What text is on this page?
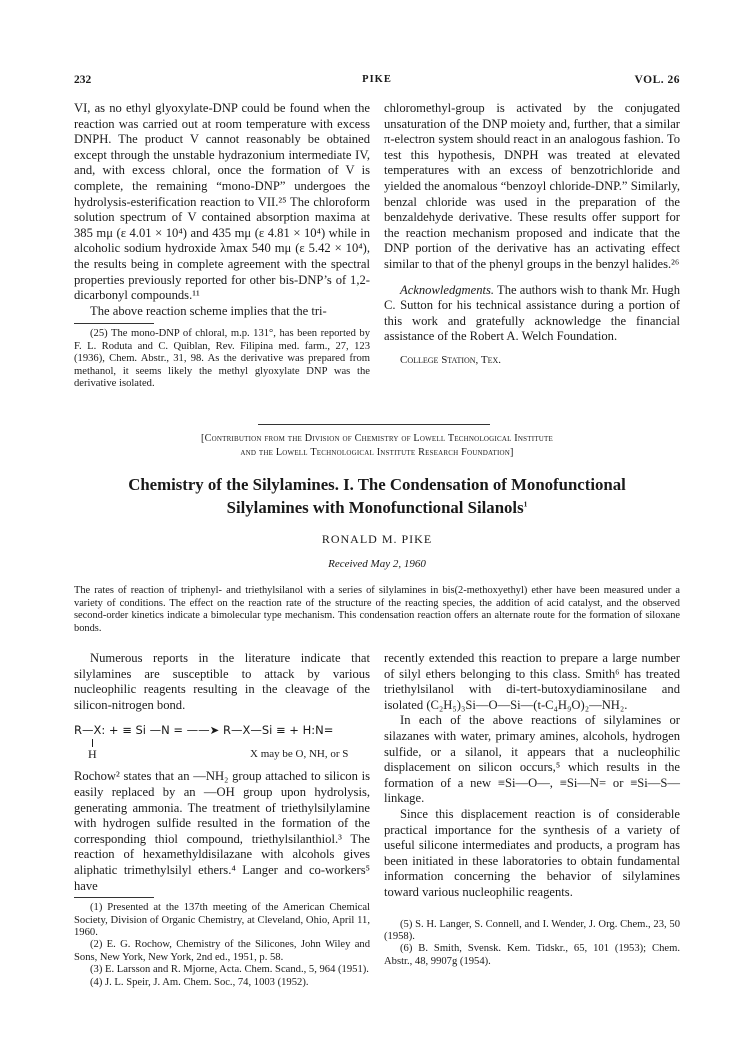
232	PIKE	VOL. 26

VI, as no ethyl glyoxylate-DNP could be found when the reaction was carried out at room temperature with excess DNPH. The product V cannot reasonably be obtained except through the unstable hydrazonium intermediate IV, and, with excess chloral, once the formation of V is complete, the remaining “mono-DNP” undergoes the hydrolysis-esterification reaction to VII.²⁵ The chloroform solution spectrum of V contained absorption maxima at 385 mμ (ε 4.01 × 10⁴) and 435 mμ (ε 4.81 × 10⁴) while in alcoholic sodium hydroxide λmax 540 mμ (ε 5.42 × 10⁴), the results being in complete agreement with the spectral properties previously reported for other bis-DNP’s of 1,2-dicarbonyl compounds.¹¹

The above reaction scheme implies that the tri-

(25) The mono-DNP of chloral, m.p. 131°, has been reported by F. L. Roduta and C. Quiblan, Rev. Filipina med. farm., 27, 123 (1936), Chem. Abstr., 31, 98. As the derivative was prepared from methanol, it seems likely the methyl glyoxylate DNP was the derivative isolated.

chloromethyl-group is activated by the conjugated unsaturation of the DNP moiety and, further, that a similar π-electron system should react in an analogous fashion. To test this hypothesis, DNPH was treated at elevated temperatures with an excess of benzotrichloride and yielded the anomalous “benzoyl chloride-DNP.” Similarly, benzal chloride was used in the preparation of the benzaldehyde derivative. These results offer support for the reaction mechanism proposed and indicate that the DNP portion of the derivative has an activating effect similar to that of the phenyl groups in the benzyl halides.²⁶

Acknowledgments. The authors wish to thank Mr. Hugh C. Sutton for his technical assistance during a portion of this work and gratefully acknowledge the financial assistance of the Robert A. Welch Foundation.

College Station, Tex.

[Contribution from the Division of Chemistry of Lowell Technological Institute
and the Lowell Technological Institute Research Foundation]
Chemistry of the Silylamines. I. The Condensation of Monofunctional
Silylamines with Monofunctional Silanols$^1$
RONALD M. PIKE
Received May 2, 1960
The rates of reaction of triphenyl- and triethylsilanol with a series of silylamines in bis(2-methoxyethyl) ether have been measured under a variety of conditions. The effect on the reaction rate of the structure of the reacting species, the addition of acid catalyst, and the observed second-order kinetics indicate a bimolecular type mechanism. This condensation reaction offers an alternate route for the formation of siloxane bonds.

Numerous reports in the literature indicate that silylamines are susceptible to attack by various nucleophilic reagents resulting in the cleavage of the silicon-nitrogen bond.

R—X: + ≡ Si —N = ——➤ R—X—Si ≡ + H:N=
H	X may be O, NH, or S

Rochow² states that an —NH₂ group attached to silicon is easily replaced by an —OH group upon hydrolysis, generating ammonia. The treatment of triethylsilylamine with hydrogen sulfide resulted in the formation of the corresponding thiol compound, triethylsilanthiol.³ The reaction of hexamethyldisilazane with alcohols gives aliphatic trimethylsilyl ethers.⁴ Langer and co-workers⁵ have

(1) Presented at the 137th meeting of the American Chemical Society, Division of Organic Chemistry, at Cleveland, Ohio, April 11, 1960.

(2) E. G. Rochow, Chemistry of the Silicones, John Wiley and Sons, New York, New York, 2nd ed., 1951, p. 58.

(3) E. Larsson and R. Mjorne, Acta. Chem. Scand., 5, 964 (1951).

(4) J. L. Speir, J. Am. Chem. Soc., 74, 1003 (1952).

recently extended this reaction to prepare a large number of silyl ethers belonging to this class. Smith⁶ has treated triethylsilanol with di-tert-butoxydiaminosilane and isolated (C₂H₅)₃Si—O—Si—(t-C₄H₉O)₂—NH₂.

In each of the above reactions of silylamines or silazanes with water, primary amines, alcohols, hydrogen sulfide, or a silanol, it appears that a nucleophilic displacement on silicon occurs,⁵ which results in the formation of a new ≡Si—O—, ≡Si—N= or ≡Si—S— linkage.

Since this displacement reaction is of considerable practical importance for the synthesis of a variety of useful silicone intermediates and products, a program has been initiated in these laboratories to obtain fundamental information concerning the behavior of silylamines toward various nucleophilic reagents.

(5) S. H. Langer, S. Connell, and I. Wender, J. Org. Chem., 23, 50 (1958).

(6) B. Smith, Svensk. Kem. Tidskr., 65, 101 (1953); Chem. Abstr., 48, 9907g (1954).
